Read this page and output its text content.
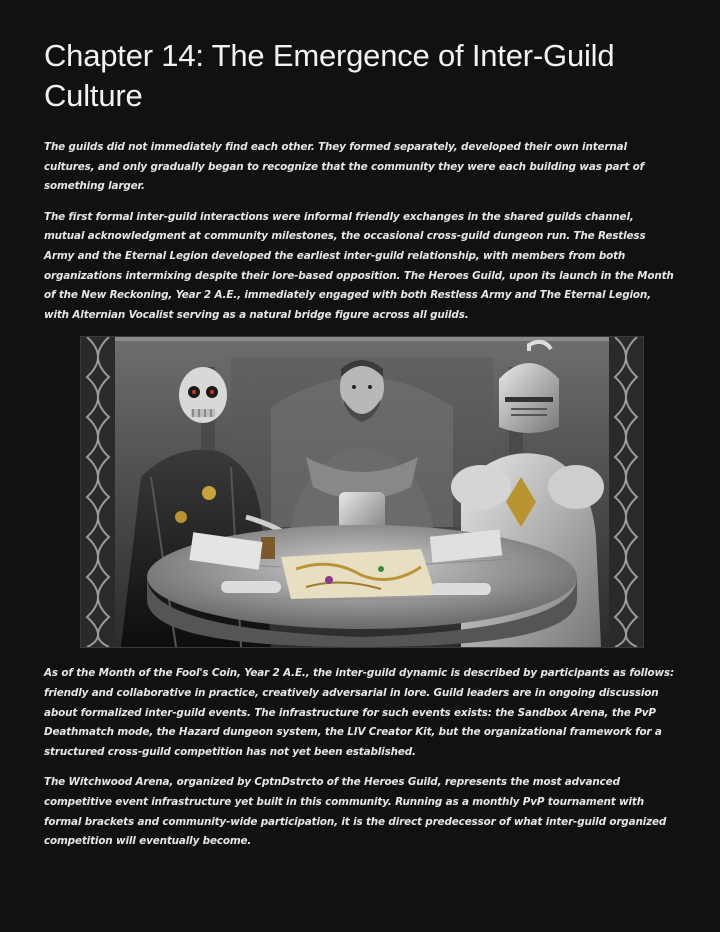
Chapter 14: The Emergence of Inter-Guild Culture

The guilds did not immediately find each other. They formed separately, developed their own internal cultures, and only gradually began to recognize that the community they were each building was part of something larger.

The first formal inter-guild interactions were informal friendly exchanges in the shared guilds channel, mutual acknowledgment at community milestones, the occasional cross-guild dungeon run. The Restless Army and the Eternal Legion developed the earliest inter-guild relationship, with members from both organizations intermixing despite their lore-based opposition. The Heroes Guild, upon its launch in the Month of the New Reckoning, Year 2 A.E., immediately engaged with both Restless Army and The Eternal Legion, with Alternian Vocalist serving as a natural bridge figure across all guilds.

As of the Month of the Fool's Coin, Year 2 A.E., the inter-guild dynamic is described by participants as follows: friendly and collaborative in practice, creatively adversarial in lore. Guild leaders are in ongoing discussion about formalized inter-guild events. The infrastructure for such events exists: the Sandbox Arena, the PvP Deathmatch mode, the Hazard dungeon system, the LIV Creator Kit, but the organizational framework for a structured cross-guild competition has not yet been established.

The Witchwood Arena, organized by CptnDstrcto of the Heroes Guild, represents the most advanced competitive event infrastructure yet built in this community. Running as a monthly PvP tournament with formal brackets and community-wide participation, it is the direct predecessor of what inter-guild organized competition will eventually become.
